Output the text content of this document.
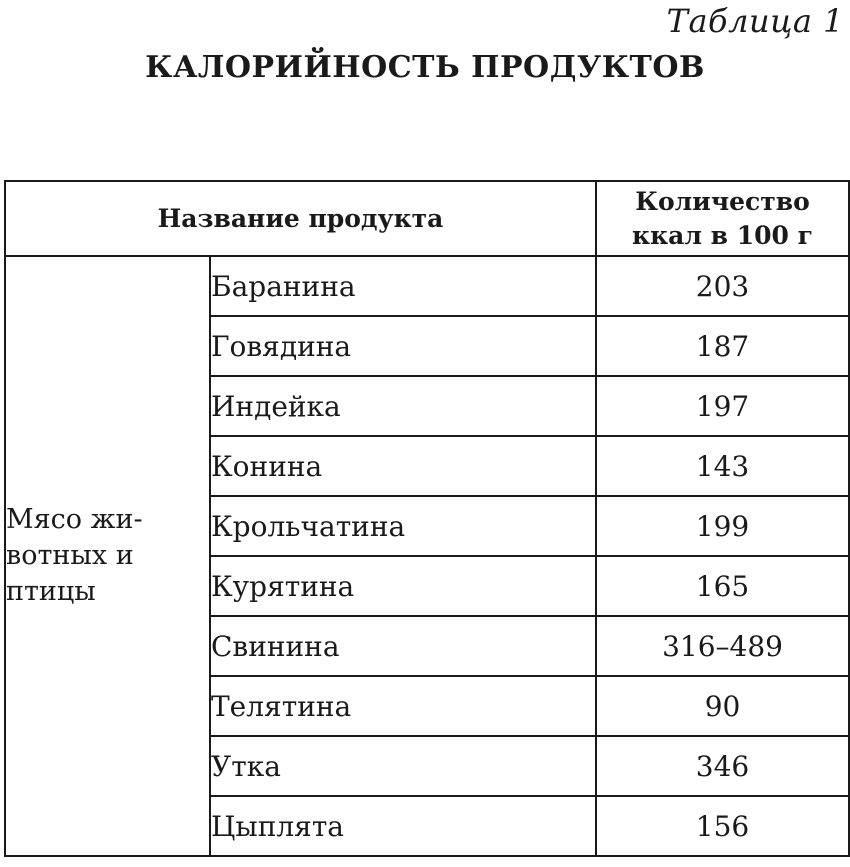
Таблица 1
КАЛОРИЙНОСТЬ ПРОДУКТОВ
Название продукта		Количество
ккал в 100 г

Мясо жи-
вотных и
птицы	Баранина	203
	Говядина	187
	Индейка	197
	Конина	143
	Крольчатина	199
	Курятина	165
	Свинина	316–489
	Телятина	90
	Утка	346
	Цыплята	156
